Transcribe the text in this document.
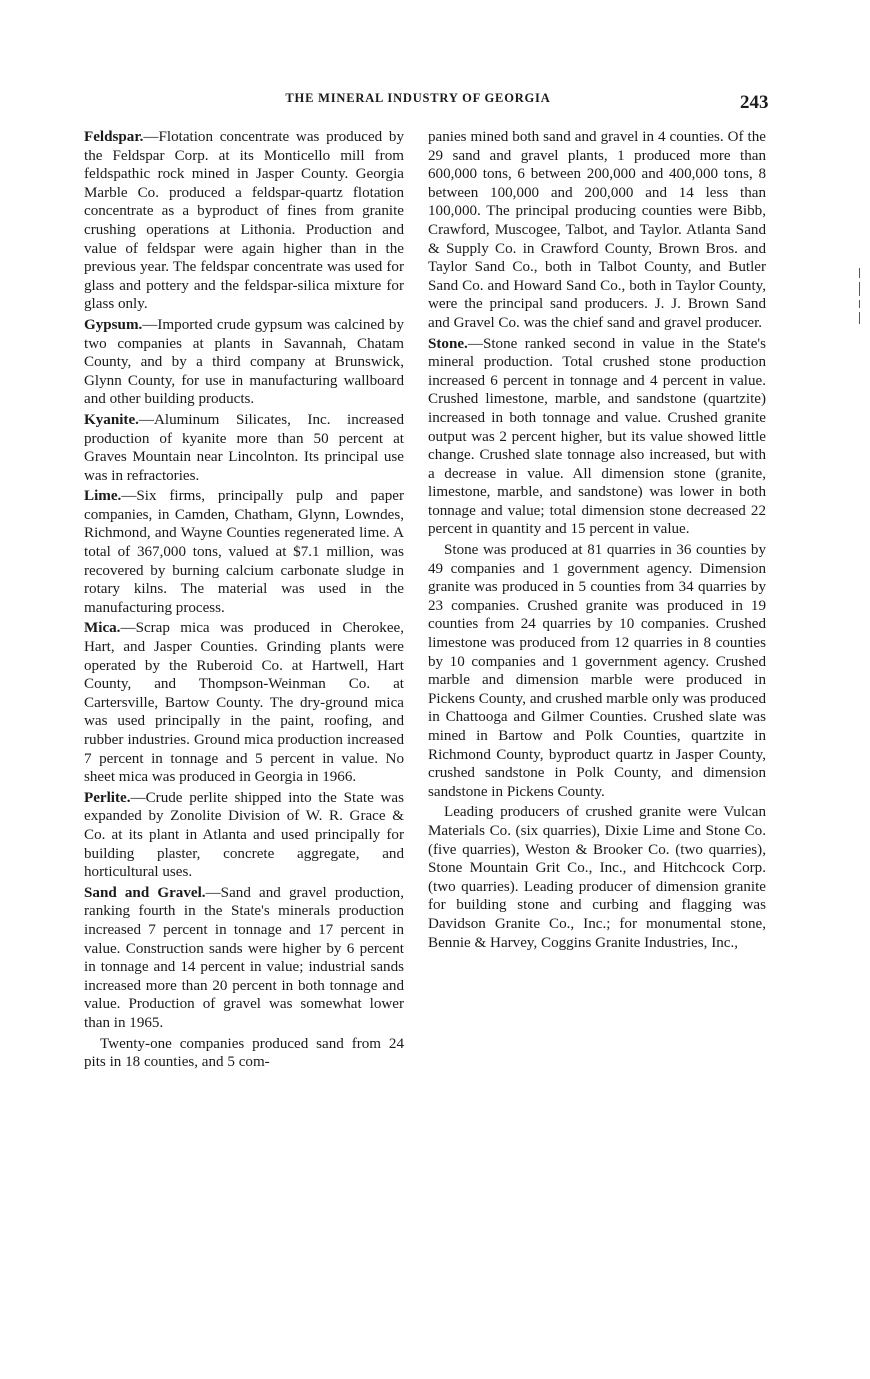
THE MINERAL INDUSTRY OF GEORGIA	243

Feldspar.—Flotation concentrate was produced by the Feldspar Corp. at its Monticello mill from feldspathic rock mined in Jasper County. Georgia Marble Co. produced a feldspar-quartz flotation concentrate as a byproduct of fines from granite crushing operations at Lithonia. Production and value of feldspar were again higher than in the previous year. The feldspar concentrate was used for glass and pottery and the feldspar-silica mixture for glass only.

Gypsum.—Imported crude gypsum was calcined by two companies at plants in Savannah, Chatam County, and by a third company at Brunswick, Glynn County, for use in manufacturing wallboard and other building products.

Kyanite.—Aluminum Silicates, Inc. increased production of kyanite more than 50 percent at Graves Mountain near Lincolnton. Its principal use was in refractories.

Lime.—Six firms, principally pulp and paper companies, in Camden, Chatham, Glynn, Lowndes, Richmond, and Wayne Counties regenerated lime. A total of 367,000 tons, valued at $7.1 million, was recovered by burning calcium carbonate sludge in rotary kilns. The material was used in the manufacturing process.

Mica.—Scrap mica was produced in Cherokee, Hart, and Jasper Counties. Grinding plants were operated by the Ruberoid Co. at Hartwell, Hart County, and Thompson-Weinman Co. at Cartersville, Bartow County. The dry-ground mica was used principally in the paint, roofing, and rubber industries. Ground mica production increased 7 percent in tonnage and 5 percent in value. No sheet mica was produced in Georgia in 1966.

Perlite.—Crude perlite shipped into the State was expanded by Zonolite Division of W. R. Grace & Co. at its plant in Atlanta and used principally for building plaster, concrete aggregate, and horticultural uses.

Sand and Gravel.—Sand and gravel production, ranking fourth in the State's minerals production increased 7 percent in tonnage and 17 percent in value. Construction sands were higher by 6 percent in tonnage and 14 percent in value; industrial sands increased more than 20 percent in both tonnage and value. Production of gravel was somewhat lower than in 1965.

Twenty-one companies produced sand from 24 pits in 18 counties, and 5 com-

panies mined both sand and gravel in 4 counties. Of the 29 sand and gravel plants, 1 produced more than 600,000 tons, 6 between 200,000 and 400,000 tons, 8 between 100,000 and 200,000 and 14 less than 100,000. The principal producing counties were Bibb, Crawford, Muscogee, Talbot, and Taylor. Atlanta Sand & Supply Co. in Crawford County, Brown Bros. and Taylor Sand Co., both in Talbot County, and Butler Sand Co. and Howard Sand Co., both in Taylor County, were the principal sand producers. J. J. Brown Sand and Gravel Co. was the chief sand and gravel producer.

Stone.—Stone ranked second in value in the State's mineral production. Total crushed stone production increased 6 percent in tonnage and 4 percent in value. Crushed limestone, marble, and sandstone (quartzite) increased in both tonnage and value. Crushed granite output was 2 percent higher, but its value showed little change. Crushed slate tonnage also increased, but with a decrease in value. All dimension stone (granite, limestone, marble, and sandstone) was lower in both tonnage and value; total dimension stone decreased 22 percent in quantity and 15 percent in value.

Stone was produced at 81 quarries in 36 counties by 49 companies and 1 government agency. Dimension granite was produced in 5 counties from 34 quarries by 23 companies. Crushed granite was produced in 19 counties from 24 quarries by 10 companies. Crushed limestone was produced from 12 quarries in 8 counties by 10 companies and 1 government agency. Crushed marble and dimension marble were produced in Pickens County, and crushed marble only was produced in Chattooga and Gilmer Counties. Crushed slate was mined in Bartow and Polk Counties, quartzite in Richmond County, byproduct quartz in Jasper County, crushed sandstone in Polk County, and dimension sandstone in Pickens County.

Leading producers of crushed granite were Vulcan Materials Co. (six quarries), Dixie Lime and Stone Co. (five quarries), Weston & Brooker Co. (two quarries), Stone Mountain Grit Co., Inc., and Hitchcock Corp. (two quarries). Leading producer of dimension granite for building stone and curbing and flagging was Davidson Granite Co., Inc.; for monumental stone, Bennie & Harvey, Coggins Granite Industries, Inc.,
